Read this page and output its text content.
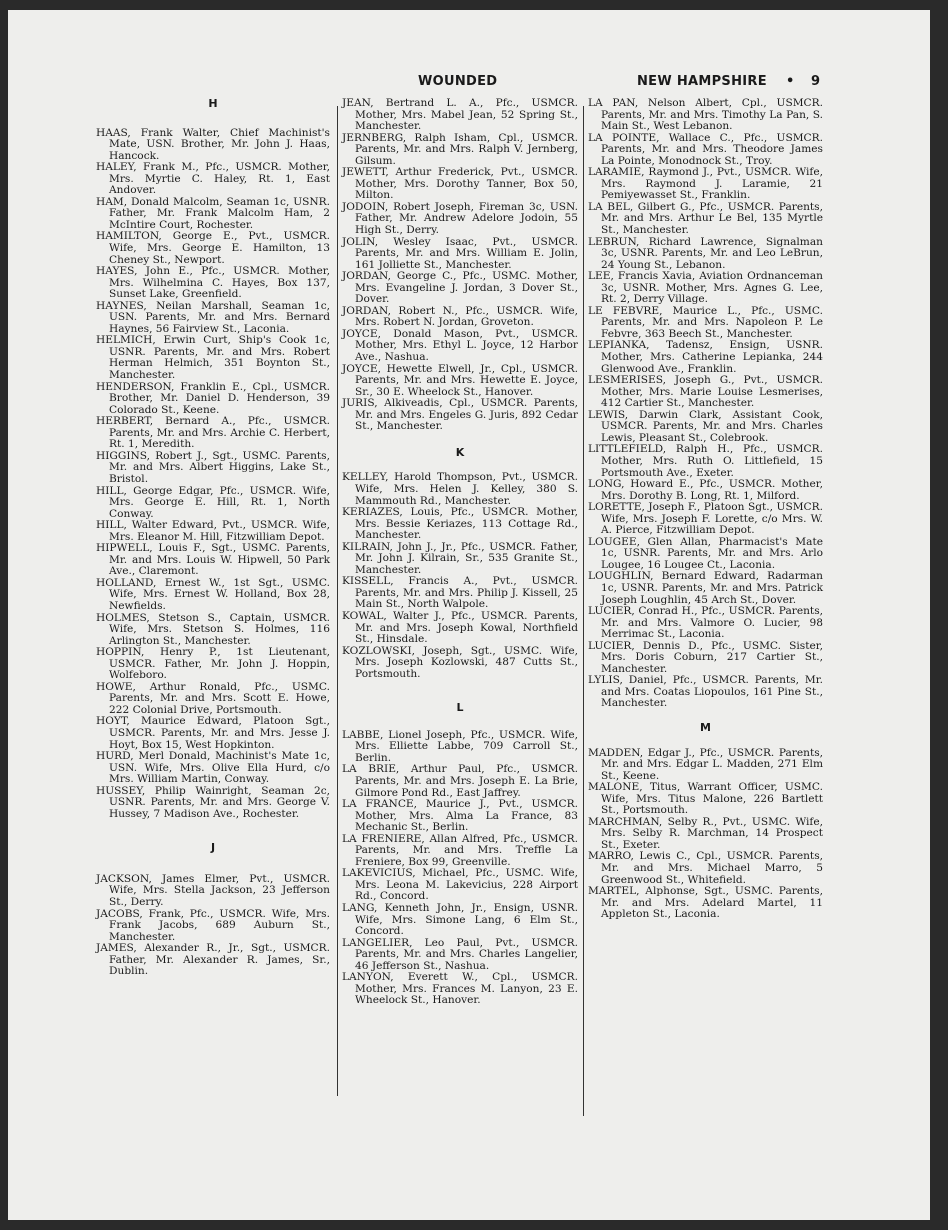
WOUNDED	NEW HAMPSHIRE • 9
H
HAAS, Frank Walter, Chief Machinist's Mate, USN. Brother, Mr. John J. Haas, Hancock.
HALEY, Frank M., Pfc., USMCR. Mother, Mrs. Myrtie C. Haley, Rt. 1, East Andover.
HAM, Donald Malcolm, Seaman 1c, USNR. Father, Mr. Frank Malcolm Ham, 2 McIntire Court, Rochester.
HAMILTON, George E., Pvt., USMCR. Wife, Mrs. George E. Hamilton, 13 Cheney St., Newport.
HAYES, John E., Pfc., USMCR. Mother, Mrs. Wilhelmina C. Hayes, Box 137, Sunset Lake, Greenfield.
HAYNES, Neilan Marshall, Seaman 1c, USN. Parents, Mr. and Mrs. Bernard Haynes, 56 Fairview St., Laconia.
HELMICH, Erwin Curt, Ship's Cook 1c, USNR. Parents, Mr. and Mrs. Robert Herman Helmich, 351 Boynton St., Manchester.
HENDERSON, Franklin E., Cpl., USMCR. Brother, Mr. Daniel D. Henderson, 39 Colorado St., Keene.
HERBERT, Bernard A., Pfc., USMCR. Parents, Mr. and Mrs. Archie C. Herbert, Rt. 1, Meredith.
HIGGINS, Robert J., Sgt., USMC. Parents, Mr. and Mrs. Albert Higgins, Lake St., Bristol.
HILL, George Edgar, Pfc., USMCR. Wife, Mrs. George E. Hill, Rt. 1, North Conway.
HILL, Walter Edward, Pvt., USMCR. Wife, Mrs. Eleanor M. Hill, Fitzwilliam Depot.
HIPWELL, Louis F., Sgt., USMC. Parents, Mr. and Mrs. Louis W. Hipwell, 50 Park Ave., Claremont.
HOLLAND, Ernest W., 1st Sgt., USMC. Wife, Mrs. Ernest W. Holland, Box 28, Newfields.
HOLMES, Stetson S., Captain, USMCR. Wife, Mrs. Stetson S. Holmes, 116 Arlington St., Manchester.
HOPPIN, Henry P., 1st Lieutenant, USMCR. Father, Mr. John J. Hoppin, Wolfeboro.
HOWE, Arthur Ronald, Pfc., USMC. Parents, Mr. and Mrs. Scott E. Howe, 222 Colonial Drive, Portsmouth.
HOYT, Maurice Edward, Platoon Sgt., USMCR. Parents, Mr. and Mrs. Jesse J. Hoyt, Box 15, West Hopkinton.
HURD, Merl Donald, Machinist's Mate 1c, USN. Wife, Mrs. Olive Ella Hurd, c/o Mrs. William Martin, Conway.
HUSSEY, Philip Wainright, Seaman 2c, USNR. Parents, Mr. and Mrs. George V. Hussey, 7 Madison Ave., Rochester.
J
JACKSON, James Elmer, Pvt., USMCR. Wife, Mrs. Stella Jackson, 23 Jefferson St., Derry.
JACOBS, Frank, Pfc., USMCR. Wife, Mrs. Frank Jacobs, 689 Auburn St., Manchester.
JAMES, Alexander R., Jr., Sgt., USMCR. Father, Mr. Alexander R. James, Sr., Dublin.
JEAN, Bertrand L. A., Pfc., USMCR. Mother, Mrs. Mabel Jean, 52 Spring St., Manchester.
JERNBERG, Ralph Isham, Cpl., USMCR. Parents, Mr. and Mrs. Ralph V. Jernberg, Gilsum.
JEWETT, Arthur Frederick, Pvt., USMCR. Mother, Mrs. Dorothy Tanner, Box 50, Milton.
JODOIN, Robert Joseph, Fireman 3c, USN. Father, Mr. Andrew Adelore Jodoin, 55 High St., Derry.
JOLIN, Wesley Isaac, Pvt., USMCR. Parents, Mr. and Mrs. William E. Jolin, 161 Jolliette St., Manchester.
JORDAN, George C., Pfc., USMC. Mother, Mrs. Evangeline J. Jordan, 3 Dover St., Dover.
JORDAN, Robert N., Pfc., USMCR. Wife, Mrs. Robert N. Jordan, Groveton.
JOYCE, Donald Mason, Pvt., USMCR. Mother, Mrs. Ethyl L. Joyce, 12 Harbor Ave., Nashua.
JOYCE, Hewette Elwell, Jr., Cpl., USMCR. Parents, Mr. and Mrs. Hewette E. Joyce, Sr., 30 E. Wheelock St., Hanover.
JURIS, Alkiveadis, Cpl., USMCR. Parents, Mr. and Mrs. Engeles G. Juris, 892 Cedar St., Manchester.
K
KELLEY, Harold Thompson, Pvt., USMCR. Wife, Mrs. Helen J. Kelley, 380 S. Mammouth Rd., Manchester.
KERIAZES, Louis, Pfc., USMCR. Mother, Mrs. Bessie Keriazes, 113 Cottage Rd., Manchester.
KILRAIN, John J., Jr., Pfc., USMCR. Father, Mr. John J. Kilrain, Sr., 535 Granite St., Manchester.
KISSELL, Francis A., Pvt., USMCR. Parents, Mr. and Mrs. Philip J. Kissell, 25 Main St., North Walpole.
KOWAL, Walter J., Pfc., USMCR. Parents, Mr. and Mrs. Joseph Kowal, Northfield St., Hinsdale.
KOZLOWSKI, Joseph, Sgt., USMC. Wife, Mrs. Joseph Kozlowski, 487 Cutts St., Portsmouth.
L
LABBE, Lionel Joseph, Pfc., USMCR. Wife, Mrs. Elliette Labbe, 709 Carroll St., Berlin.
LA BRIE, Arthur Paul, Pfc., USMCR. Parents, Mr. and Mrs. Joseph E. La Brie, Gilmore Pond Rd., East Jaffrey.
LA FRANCE, Maurice J., Pvt., USMCR. Mother, Mrs. Alma La France, 83 Mechanic St., Berlin.
LA FRENIERE, Allan Alfred, Pfc., USMCR. Parents, Mr. and Mrs. Treffle La Freniere, Box 99, Greenville.
LAKEVICIUS, Michael, Pfc., USMC. Wife, Mrs. Leona M. Lakevicius, 228 Airport Rd., Concord.
LANG, Kenneth John, Jr., Ensign, USNR. Wife, Mrs. Simone Lang, 6 Elm St., Concord.
LANGELIER, Leo Paul, Pvt., USMCR. Parents, Mr. and Mrs. Charles Langelier, 46 Jefferson St., Nashua.
LANYON, Everett W., Cpl., USMCR. Mother, Mrs. Frances M. Lanyon, 23 E. Wheelock St., Hanover.
LA PAN, Nelson Albert, Cpl., USMCR. Parents, Mr. and Mrs. Timothy La Pan, S. Main St., West Lebanon.
LA POINTE, Wallace C., Pfc., USMCR. Parents, Mr. and Mrs. Theodore James La Pointe, Monodnock St., Troy.
LARAMIE, Raymond J., Pvt., USMCR. Wife, Mrs. Raymond J. Laramie, 21 Pemiyewasset St., Franklin.
LA BEL, Gilbert G., Pfc., USMCR. Parents, Mr. and Mrs. Arthur Le Bel, 135 Myrtle St., Manchester.
LEBRUN, Richard Lawrence, Signalman 3c, USNR. Parents, Mr. and Leo LeBrun, 24 Young St., Lebanon.
LEE, Francis Xavia, Aviation Ordnanceman 3c, USNR. Mother, Mrs. Agnes G. Lee, Rt. 2, Derry Village.
LE FEBVRE, Maurice L., Pfc., USMC. Parents, Mr. and Mrs. Napoleon P. Le Febvre, 363 Beech St., Manchester.
LEPIANKA, Tadensz, Ensign, USNR. Mother, Mrs. Catherine Lepianka, 244 Glenwood Ave., Franklin.
LESMERISES, Joseph G., Pvt., USMCR. Mother, Mrs. Marie Louise Lesmerises, 412 Cartier St., Manchester.
LEWIS, Darwin Clark, Assistant Cook, USMCR. Parents, Mr. and Mrs. Charles Lewis, Pleasant St., Colebrook.
LITTLEFIELD, Ralph H., Pfc., USMCR. Mother, Mrs. Ruth O. Littlefield, 15 Portsmouth Ave., Exeter.
LONG, Howard E., Pfc., USMCR. Mother, Mrs. Dorothy B. Long, Rt. 1, Milford.
LORETTE, Joseph F., Platoon Sgt., USMCR. Wife, Mrs. Joseph F. Lorette, c/o Mrs. W. A. Pierce, Fitzwilliam Depot.
LOUGEE, Glen Allan, Pharmacist's Mate 1c, USNR. Parents, Mr. and Mrs. Arlo Lougee, 16 Lougee Ct., Laconia.
LOUGHLIN, Bernard Edward, Radarman 1c, USNR. Parents, Mr. and Mrs. Patrick Joseph Loughlin, 45 Arch St., Dover.
LUCIER, Conrad H., Pfc., USMCR. Parents, Mr. and Mrs. Valmore O. Lucier, 98 Merrimac St., Laconia.
LUCIER, Dennis D., Pfc., USMC. Sister, Mrs. Doris Coburn, 217 Cartier St., Manchester.
LYLIS, Daniel, Pfc., USMCR. Parents, Mr. and Mrs. Coatas Liopoulos, 161 Pine St., Manchester.
M
MADDEN, Edgar J., Pfc., USMCR. Parents, Mr. and Mrs. Edgar L. Madden, 271 Elm St., Keene.
MALONE, Titus, Warrant Officer, USMC. Wife, Mrs. Titus Malone, 226 Bartlett St., Portsmouth.
MARCHMAN, Selby R., Pvt., USMC. Wife, Mrs. Selby R. Marchman, 14 Prospect St., Exeter.
MARRO, Lewis C., Cpl., USMCR. Parents, Mr. and Mrs. Michael Marro, 5 Greenwood St., Whitefield.
MARTEL, Alphonse, Sgt., USMC. Parents, Mr. and Mrs. Adelard Martel, 11 Appleton St., Laconia.
